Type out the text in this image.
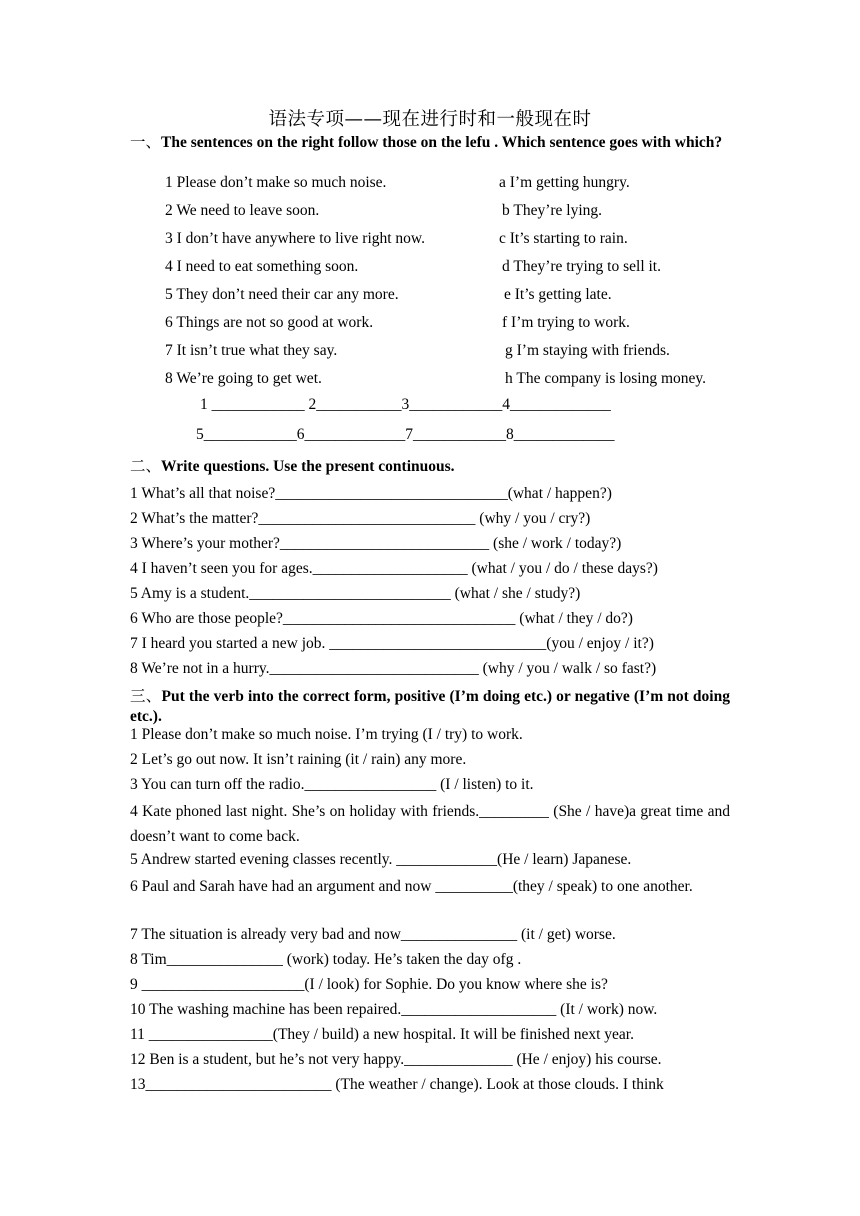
语法专项——现在进行时和一般现在时
一、The sentences on the right follow those on the lefu . Which sentence goes with which?
1 Please don’t make so much noise.
2 We need to leave soon.
3 I don’t have anywhere to live right now.
4 I need to eat something soon.
5 They don’t need their car any more.
6 Things are not so good at work.
7 It isn’t true what they say.
8 We’re going to get wet.
a I’m getting hungry.
b They’re lying.
c It’s starting to rain.
d They’re trying to sell it.
e It’s getting late.
f I’m trying to work.
g I’m staying with friends.
h The company is losing money.
1 ____________ 2___________3____________4_____________
5____________6_____________7____________8_____________
二、Write questions. Use the present continuous.
1 What’s all that noise?______________________________(what / happen?)
2 What’s the matter?____________________________ (why / you / cry?)
3 Where’s your mother?___________________________ (she / work / today?)
4 I haven’t seen you for ages.____________________ (what / you / do / these days?)
5 Amy is a student.__________________________ (what / she / study?)
6 Who are those people?______________________________ (what / they / do?)
7 I heard you started a new job. ____________________________(you / enjoy / it?)
8 We’re not in a hurry.___________________________ (why / you / walk / so fast?)
三、Put the verb into the correct form, positive (I’m doing etc.) or negative (I’m not doing etc.).
1 Please don’t make so much noise. I’m trying (I / try) to work.
2 Let’s go out now. It isn’t raining (it / rain) any more.
3 You can turn off the radio._________________ (I / listen) to it.
4 Kate phoned last night. She’s on holiday with friends._________ (She / have)a great time and doesn’t want to come back.
5 Andrew started evening classes recently. _____________(He / learn) Japanese.
6 Paul and Sarah have had an argument and now __________(they / speak) to one another.
7 The situation is already very bad and now_______________ (it / get) worse.
8 Tim_______________ (work) today. He’s taken the day ofg .
9 _____________________(I / look) for Sophie. Do you know where she is?
10 The washing machine has been repaired.____________________ (It / work) now.
11 ________________(They / build) a new hospital. It will be finished next year.
12 Ben is a student, but he’s not very happy.______________ (He / enjoy) his course.
13________________________ (The weather / change). Look at those clouds. I think
